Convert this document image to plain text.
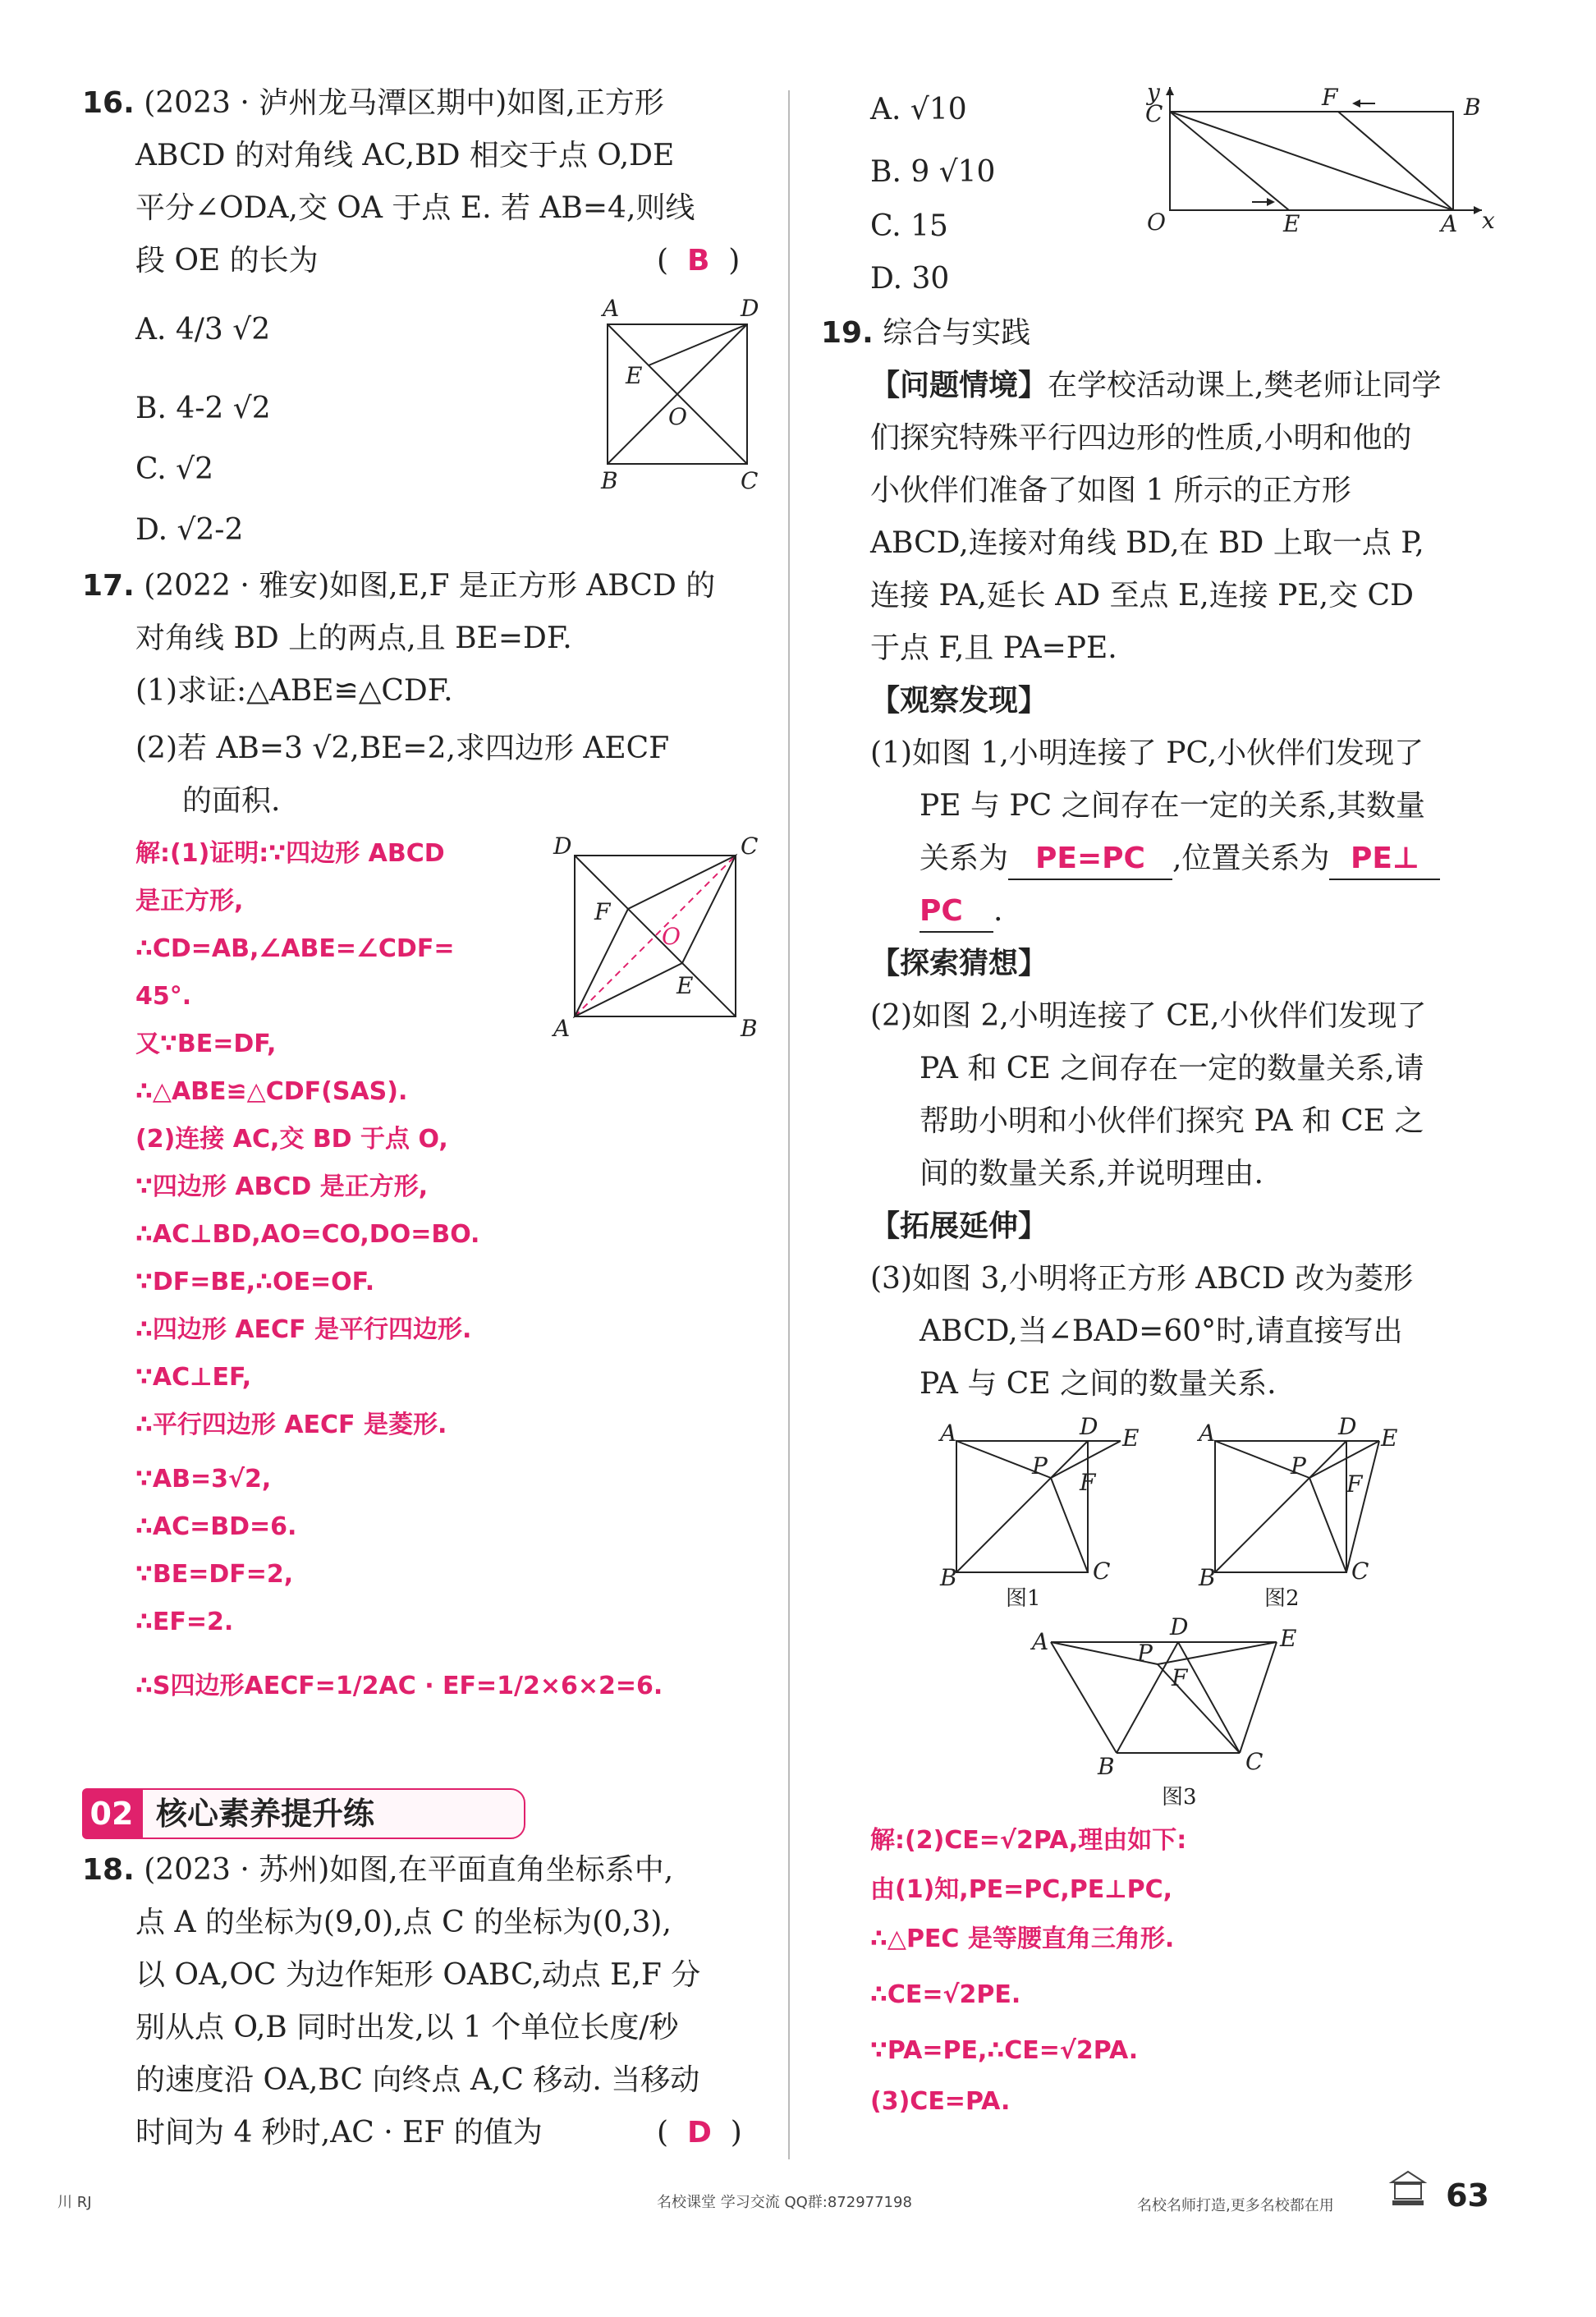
16. (2023 · 泸州龙马潭区期中)如图,正方形
ABCD 的对角线 AC,BD 相交于点 O,DE
平分∠ODA,交 OA 于点 E. 若 AB=4,则线
段 OE 的长为	(  B  )
A. 4/3 √2
B. 4-2 √2
C. √2
D. √2-2
A	D
E
O
B	C
17. (2022 · 雅安)如图,E,F 是正方形 ABCD 的
对角线 BD 上的两点,且 BE=DF.
(1)求证:△ABE≌△CDF.
(2)若 AB=3 √2,BE=2,求四边形 AECF
的面积.
解:(1)证明:∵四边形 ABCD
是正方形,
∴CD=AB,∠ABE=∠CDF=
45°.
又∵BE=DF,
∴△ABE≌△CDF(SAS).
(2)连接 AC,交 BD 于点 O,
∵四边形 ABCD 是正方形,
∴AC⊥BD,AO=CO,DO=BO.
∵DF=BE,∴OE=OF.
∴四边形 AECF 是平行四边形.
∵AC⊥EF,
∴平行四边形 AECF 是菱形.
∵AB=3√2,
∴AC=BD=6.
∵BE=DF=2,
∴EF=2.
∴S四边形AECF=1/2AC · EF=1/2×6×2=6.
D	C
F
O
E
A	B
02 核心素养提升练
18. (2023 · 苏州)如图,在平面直角坐标系中,
点 A 的坐标为(9,0),点 C 的坐标为(0,3),
以 OA,OC 为边作矩形 OABC,动点 E,F 分
别从点 O,B 同时出发,以 1 个单位长度/秒
的速度沿 OA,BC 向终点 A,C 移动. 当移动
时间为 4 秒时,AC · EF 的值为	(  D  )
A. √10
B. 9 √10
C. 15
D. 30
y
C
F	B
O	E	A x
19. 综合与实践
【问题情境】在学校活动课上,樊老师让同学
们探究特殊平行四边形的性质,小明和他的
小伙伴们准备了如图 1 所示的正方形
ABCD,连接对角线 BD,在 BD 上取一点 P,
连接 PA,延长 AD 至点 E,连接 PE,交 CD
于点 F,且 PA=PE.
【观察发现】
(1)如图 1,小明连接了 PC,小伙伴们发现了
PE 与 PC 之间存在一定的关系,其数量
关系为 PE=PC ,位置关系为 PE⊥
PC .
【探索猜想】
(2)如图 2,小明连接了 CE,小伙伴们发现了
PA 和 CE 之间存在一定的数量关系,请
帮助小明和小伙伴们探究 PA 和 CE 之
间的数量关系,并说明理由.
【拓展延伸】
(3)如图 3,小明将正方形 ABCD 改为菱形
ABCD,当∠BAD=60°时,请直接写出
PA 与 CE 之间的数量关系.
A	D E
P
F
B	C
图1
A	D E
P
F
B	C
图2
A
D	E
P
F
B	C
图3
解:(2)CE=√2PA,理由如下:
由(1)知,PE=PC,PE⊥PC,
∴△PEC 是等腰直角三角形.
∴CE=√2PE.
∵PA=PE,∴CE=√2PA.
(3)CE=PA.
川 RJ	名校课堂 学习交流 QQ群:872977198	名校名师打造,更多名校都在用	63
